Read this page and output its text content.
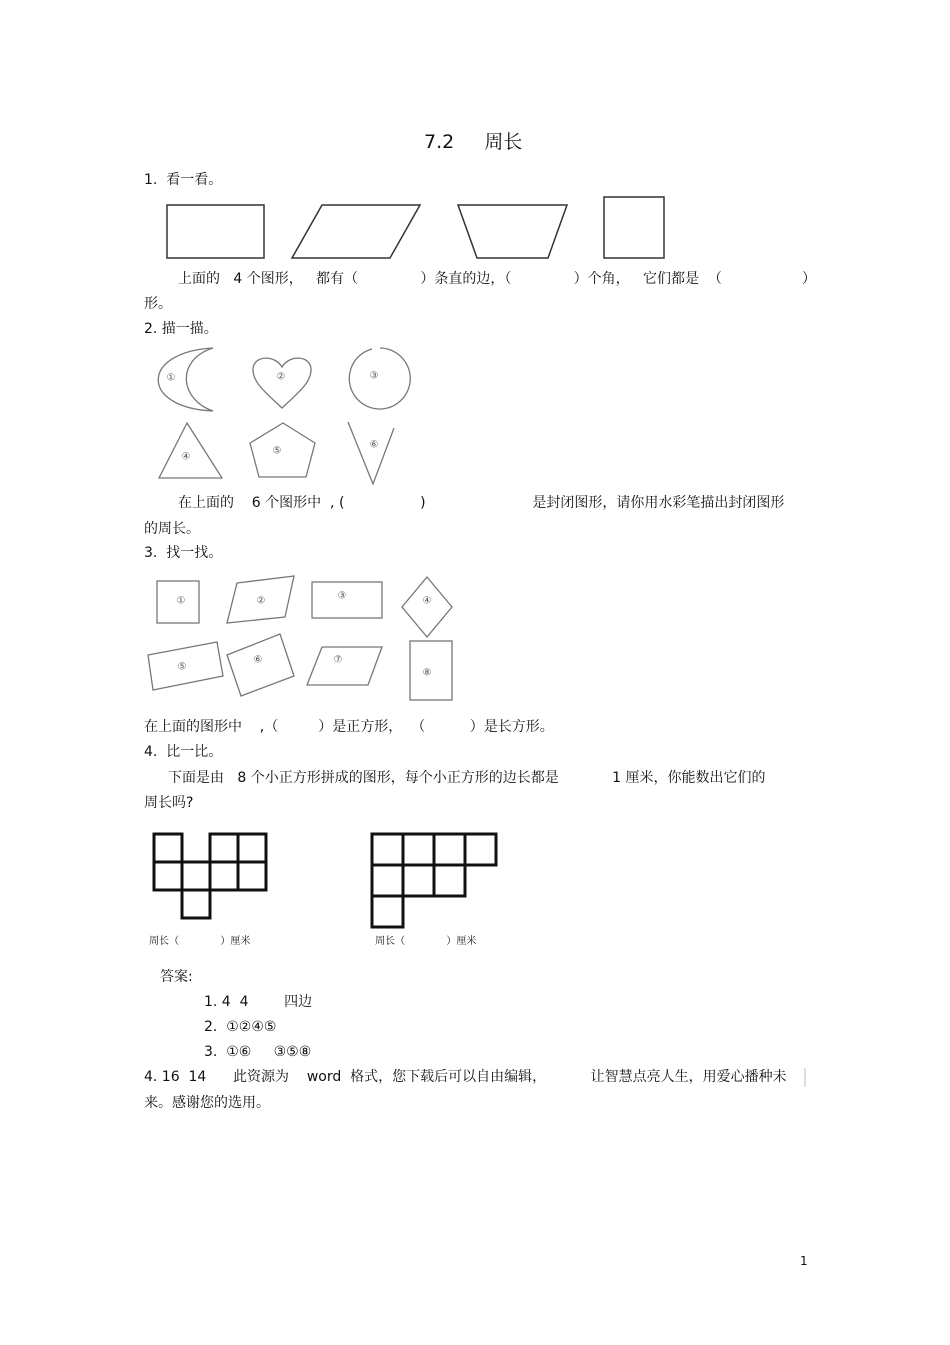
7.2     周长
1.  看一看。
上面的   4 个图形，   都有（              ）条直的边，（              ）个角，   它们都是  （                  ）
形。
2. 描一描。
在上面的    6 个图形中  , (                 )                        是封闭图形，请你用水彩笔描出封闭图形
的周长。
3.  找一找。
在上面的图形中    ,（         ）是正方形，  （          ）是长方形。
4.  比一比。
下面是由   8 个小正方形拼成的图形，每个小正方形的边长都是            1 厘米，你能数出它们的
周长吗?
周长（             ）厘米	周长（             ）厘米
答案:
1. 4  4        四边
2.  ①②④⑤
3.  ①⑥     ③⑤⑧
4. 16  14      此资源为    word  格式，您下载后可以自由编辑，          让智慧点亮人生，用爱心播种未
来。感谢您的选用。
1
①	②	③
④
⑤
⑥
①	②	③	④
⑤
⑥	⑦
⑧
